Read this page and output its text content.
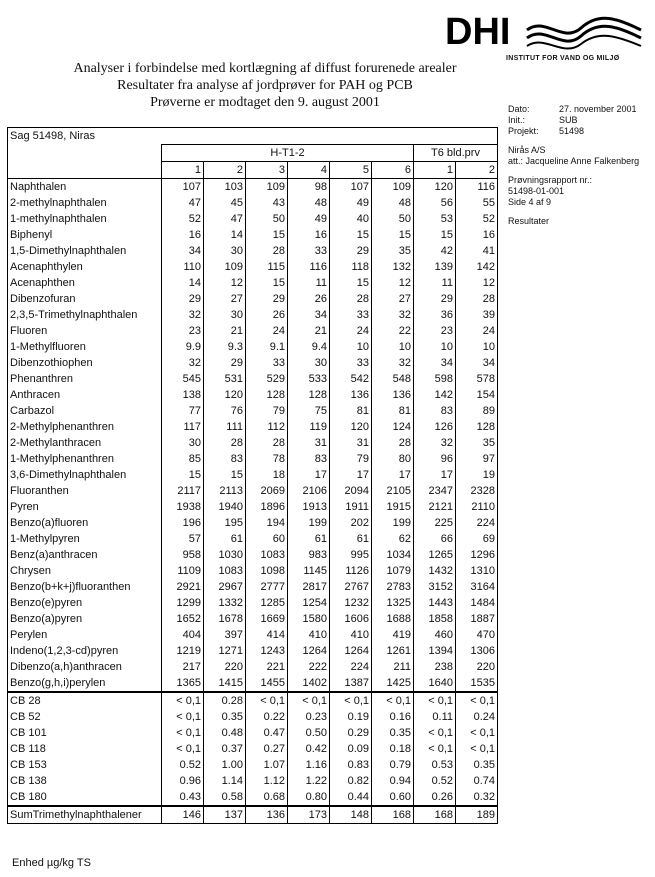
DHI
INSTITUT FOR VAND OG MILJØ
Analyser i forbindelse med kortlægning af diffust forurenede arealer
Resultater fra analyse af jordprøver for PAH og PCB
Prøverne er modtaget den 9. august 2001	Dato:	27. november 2001
Init.:	SUB
Projekt:	51498
Nirås A/S
att.: Jacqueline Anne Falkenberg
Prøvningsrapport nr.:
51498-01-001
Side 4 af 9
Resultater
Sag 51498, Niras								
	H-T1-2						T6 bld.prv	
	1	2	3	4	5	6	1	2
Naphthalen	107	103	109	98	107	109	120	116
2-methylnaphthalen	47	45	43	48	49	48	56	55
1-methylnaphthalen	52	47	50	49	40	50	53	52
Biphenyl	16	14	15	16	15	15	15	16
1,5-Dimethylnaphthalen	34	30	28	33	29	35	42	41
Acenaphthylen	110	109	115	116	118	132	139	142
Acenaphthen	14	12	15	11	15	12	11	12
Dibenzofuran	29	27	29	26	28	27	29	28
2,3,5-Trimethylnaphthalen	32	30	26	34	33	32	36	39
Fluoren	23	21	24	21	24	22	23	24
1-Methylfluoren	9.9	9.3	9.1	9.4	10	10	10	10
Dibenzothiophen	32	29	33	30	33	32	34	34
Phenanthren	545	531	529	533	542	548	598	578
Anthracen	138	120	128	128	136	136	142	154
Carbazol	77	76	79	75	81	81	83	89
2-Methylphenanthren	117	111	112	119	120	124	126	128
2-Methylanthracen	30	28	28	31	31	28	32	35
1-Methylphenanthren	85	83	78	83	79	80	96	97
3,6-Dimethylnaphthalen	15	15	18	17	17	17	17	19
Fluoranthen	2117	2113	2069	2106	2094	2105	2347	2328
Pyren	1938	1940	1896	1913	1911	1915	2121	2110
Benzo(a)fluoren	196	195	194	199	202	199	225	224
1-Methylpyren	57	61	60	61	61	62	66	69
Benz(a)anthracen	958	1030	1083	983	995	1034	1265	1296
Chrysen	1109	1083	1098	1145	1126	1079	1432	1310
Benzo(b+k+j)fluoranthen	2921	2967	2777	2817	2767	2783	3152	3164
Benzo(e)pyren	1299	1332	1285	1254	1232	1325	1443	1484
Benzo(a)pyren	1652	1678	1669	1580	1606	1688	1858	1887
Perylen	404	397	414	410	410	419	460	470
Indeno(1,2,3-cd)pyren	1219	1271	1243	1264	1264	1261	1394	1306
Dibenzo(a,h)anthracen	217	220	221	222	224	211	238	220
Benzo(g,h,i)perylen	1365	1415	1455	1402	1387	1425	1640	1535
CB 28	< 0,1	0.28	< 0,1	< 0,1	< 0,1	< 0,1	< 0,1	< 0,1
CB 52	< 0,1	0.35	0.22	0.23	0.19	0.16	0.11	0.24
CB 101	< 0,1	0.48	0.47	0.50	0.29	0.35	< 0,1	< 0,1
CB 118	< 0,1	0.37	0.27	0.42	0.09	0.18	< 0,1	< 0,1
CB 153	0.52	1.00	1.07	1.16	0.83	0.79	0.53	0.35
CB 138	0.96	1.14	1.12	1.22	0.82	0.94	0.52	0.74
CB 180	0.43	0.58	0.68	0.80	0.44	0.60	0.26	0.32
SumTrimethylnaphthalener	146	137	136	173	148	168	168	189
Enhed µg/kg TS
